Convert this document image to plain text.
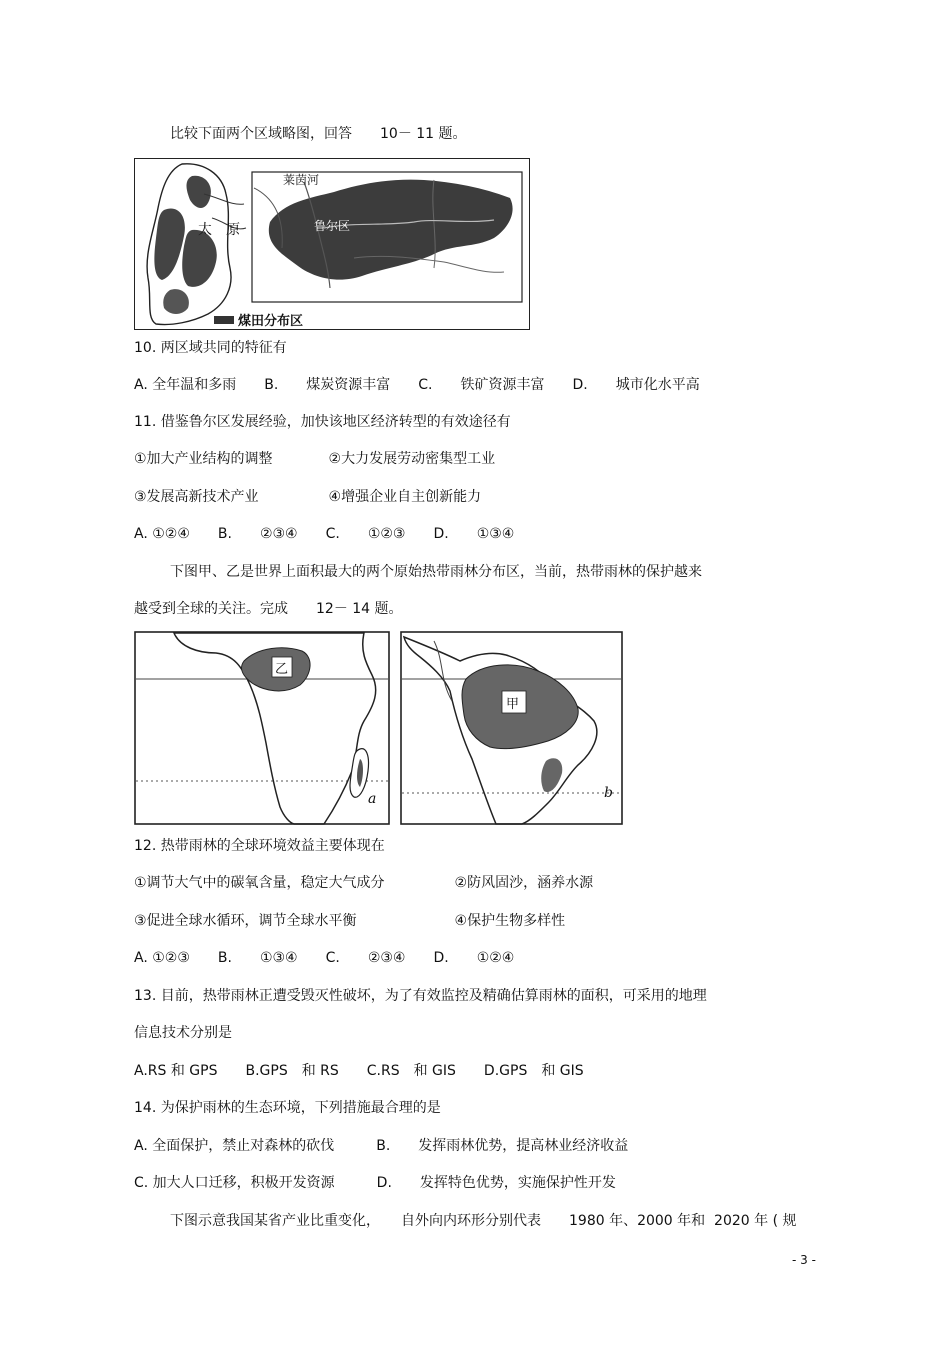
比较下面两个区域略图，回答　　10－ 11 题。
太　原
莱茵河
鲁尔区
煤田分布区
10. 两区域共同的特征有
A. 全年温和多雨　　B.　　煤炭资源丰富　　C.　　铁矿资源丰富　　D.　　城市化水平高
11. 借鉴鲁尔区发展经验，加快该地区经济转型的有效途径有
①加大产业结构的调整　　　　②大力发展劳动密集型工业
③发展高新技术产业　　　　　④增强企业自主创新能力
A. ①②④　　B.　　②③④　　C.　　①②③　　D.　　①③④
下图甲、乙是世界上面积最大的两个原始热带雨林分布区，当前，热带雨林的保护越来
越受到全球的关注。完成　　12－ 14 题。
乙
a
甲
b
12. 热带雨林的全球环境效益主要体现在
①调节大气中的碳氧含量，稳定大气成分　　　　　②防风固沙，涵养水源
③促进全球水循环，调节全球水平衡　　　　　　　④保护生物多样性
A. ①②③　　B.　　①③④　　C.　　②③④　　D.　　①②④
13. 目前，热带雨林正遭受毁灭性破坏，为了有效监控及精确估算雨林的面积，可采用的地理
信息技术分别是
A.RS 和 GPS　　B.GPS　和 RS　　C.RS　和 GIS　　D.GPS　和 GIS
14. 为保护雨林的生态环境，下列措施最合理的是
A. 全面保护，禁止对森林的砍伐　　　B.　　发挥雨林优势，提高林业经济收益
C. 加大人口迁移，积极开发资源　　　D.　　发挥特色优势，实施保护性开发
下图示意我国某省产业比重变化，　　自外向内环形分别代表　　1980 年、2000 年和  2020 年 ( 规
- 3 -
